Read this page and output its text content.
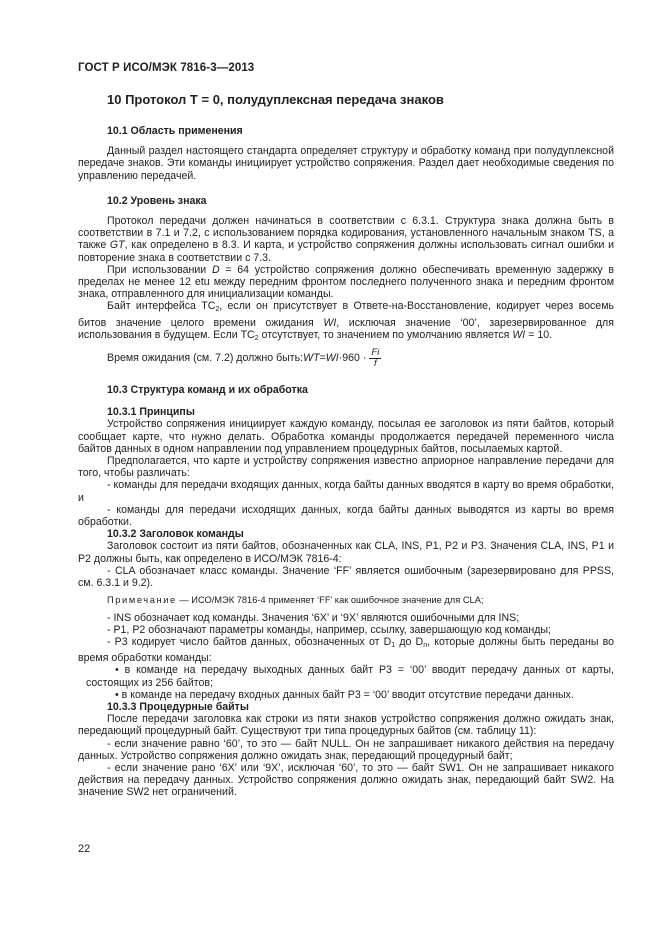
ГОСТ Р ИСО/МЭК 7816-3—2013
10 Протокол T = 0, полудуплексная передача знаков
10.1 Область применения

Данный раздел настоящего стандарта определяет структуру и обработку команд при полудуплексной передаче знаков. Эти команды инициирует устройство сопряжения. Раздел дает необходимые сведения по управлению передачей.

10.2 Уровень знака

Протокол передачи должен начинаться в соответствии с 6.3.1. Структура знака должна быть в соответствии в 7.1 и 7.2, с использованием порядка кодирования, установленного начальным знаком TS, а также GT, как определено в 8.3. И карта, и устройство сопряжения должны использовать сигнал ошибки и повторение знака в соответствии с 7.3.

При использовании D = 64 устройство сопряжения должно обеспечивать временную задержку в пределах не менее 12 etu между передним фронтом последнего полученного знака и передним фронтом знака, отправленного для инициализации команды.

Байт интерфейса $TC_2$, если он присутствует в Ответе-на-Восстановление, кодирует через восемь битов значение целого времени ожидания WI, исключая значение ‘00’, зарезервированное для использования в будущем. Если $TC_2$ отсутствует, то значением по умолчанию является WI = 10.

Время ожидания (см. 7.2) должно быть: WT = WI $\cdot 960 \cdot \frac{Fi}{f}$
10.3 Структура команд и их обработка
10.3.1 Принципы

Устройство сопряжения инициирует каждую команду, посылая ее заголовок из пяти байтов, который сообщает карте, что нужно делать. Обработка команды продолжается передачей переменного числа байтов данных в одном направлении под управлением процедурных байтов, посылаемых картой.

Предполагается, что карте и устройству сопряжения известно априорное направление передачи для того, чтобы различать:

- команды для передачи входящих данных, когда байты данных вводятся в карту во время обработки, и

- команды для передачи исходящих данных, когда байты данных выводятся из карты во время обработки.

10.3.2 Заголовок команды

Заголовок состоит из пяти байтов, обозначенных как CLA, INS, P1, P2 и P3. Значения CLA, INS, P1 и P2 должны быть, как определено в ИСО/МЭК 7816-4:

- CLA обозначает класс команды. Значение ‘FF’ является ошибочным (зарезервировано для PPSS, см. 6.3.1 и 9.2).

Примечание — ИСО/МЭК 7816-4 применяет ‘FF’ как ошибочное значение для CLA;

- INS обозначает код команды. Значения ‘6X’ и ‘9X’ являются ошибочными для INS;

- P1, P2 обозначают параметры команды, например, ссылку, завершающую код команды;

- P3 кодирует число байтов данных, обозначенных от $D_1$ до $D_n$, которые должны быть переданы во время обработки команды:

• в команде на передачу выходных данных байт P3 = ‘00’ вводит передачу данных от карты, состоящих из 256 байтов;

• в команде на передачу входных данных байт P3 = ‘00’ вводит отсутствие передачи данных.

10.3.3 Процедурные байты

После передачи заголовка как строки из пяти знаков устройство сопряжения должно ожидать знак, передающий процедурный байт. Существуют три типа процедурных байтов (см. таблицу 11):

- если значение равно ‘60’, то это — байт NULL. Он не запрашивает никакого действия на передачу данных. Устройство сопряжения должно ожидать знак, передающий процедурный байт;

- если значение рано ‘6X’ или ‘9X’, исключая ‘60’, то это — байт SW1. Он не запрашивает никакого действия на передачу данных. Устройство сопряжения должно ожидать знак, передающий байт SW2. На значение SW2 нет ограничений.

22
